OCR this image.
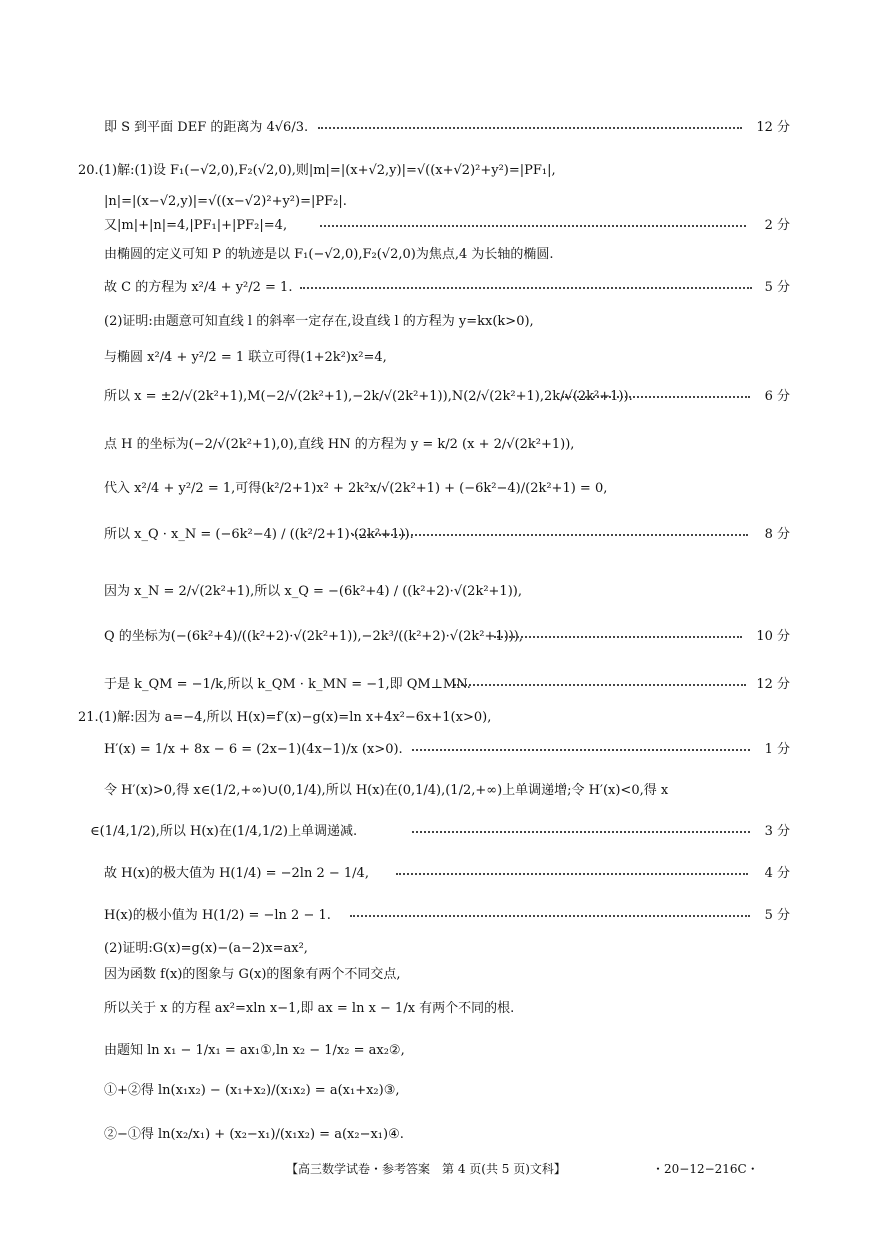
即 S 到平面 DEF 的距离为 4√6/3.	12 分
20.(1)解:(1)设 F₁(−√2,0),F₂(√2,0),则|m|=|(x+√2,y)|=√((x+√2)²+y²)=|PF₁|,
|n|=|(x−√2,y)|=√((x−√2)²+y²)=|PF₂|.
又|m|+|n|=4,|PF₁|+|PF₂|=4,	2 分
由椭圆的定义可知 P 的轨迹是以 F₁(−√2,0),F₂(√2,0)为焦点,4 为长轴的椭圆.
故 C 的方程为 x²/4 + y²/2 = 1.	5 分
(2)证明:由题意可知直线 l 的斜率一定存在,设直线 l 的方程为 y=kx(k>0),
与椭圆 x²/4 + y²/2 = 1 联立可得(1+2k²)x²=4,
所以 x = ±2/√(2k²+1),M(−2/√(2k²+1),−2k/√(2k²+1)),N(2/√(2k²+1),2k/√(2k²+1)).	6 分
点 H 的坐标为(−2/√(2k²+1),0),直线 HN 的方程为 y = k/2 (x + 2/√(2k²+1)),
代入 x²/4 + y²/2 = 1,可得(k²/2+1)x² + 2k²x/√(2k²+1) + (−6k²−4)/(2k²+1) = 0,
所以 x_Q · x_N = (−6k²−4) / ((k²/2+1)·(2k²+1)).	8 分
因为 x_N = 2/√(2k²+1),所以 x_Q = −(6k²+4) / ((k²+2)·√(2k²+1)),
Q 的坐标为(−(6k²+4)/((k²+2)·√(2k²+1)),−2k³/((k²+2)·√(2k²+1))),	10 分
于是 k_QM = −1/k,所以 k_QM · k_MN = −1,即 QM⊥MN.	12 分
21.(1)解:因为 a=−4,所以 H(x)=f′(x)−g(x)=ln x+4x²−6x+1(x>0),
H′(x) = 1/x + 8x − 6 = (2x−1)(4x−1)/x (x>0).	1 分
令 H′(x)>0,得 x∈(1/2,+∞)∪(0,1/4),所以 H(x)在(0,1/4),(1/2,+∞)上单调递增;令 H′(x)<0,得 x
∈(1/4,1/2),所以 H(x)在(1/4,1/2)上单调递减.	3 分
故 H(x)的极大值为 H(1/4) = −2ln 2 − 1/4,	4 分
H(x)的极小值为 H(1/2) = −ln 2 − 1.	5 分
(2)证明:G(x)=g(x)−(a−2)x=ax²,
因为函数 f(x)的图象与 G(x)的图象有两个不同交点,
所以关于 x 的方程 ax²=xln x−1,即 ax = ln x − 1/x 有两个不同的根.
由题知 ln x₁ − 1/x₁ = ax₁①,ln x₂ − 1/x₂ = ax₂②,
①+②得 ln(x₁x₂) − (x₁+x₂)/(x₁x₂) = a(x₁+x₂)③,
②−①得 ln(x₂/x₁) + (x₂−x₁)/(x₁x₂) = a(x₂−x₁)④.
【高三数学试卷・参考答案　第 4 页(共 5 页)文科】	・20−12−216C・
